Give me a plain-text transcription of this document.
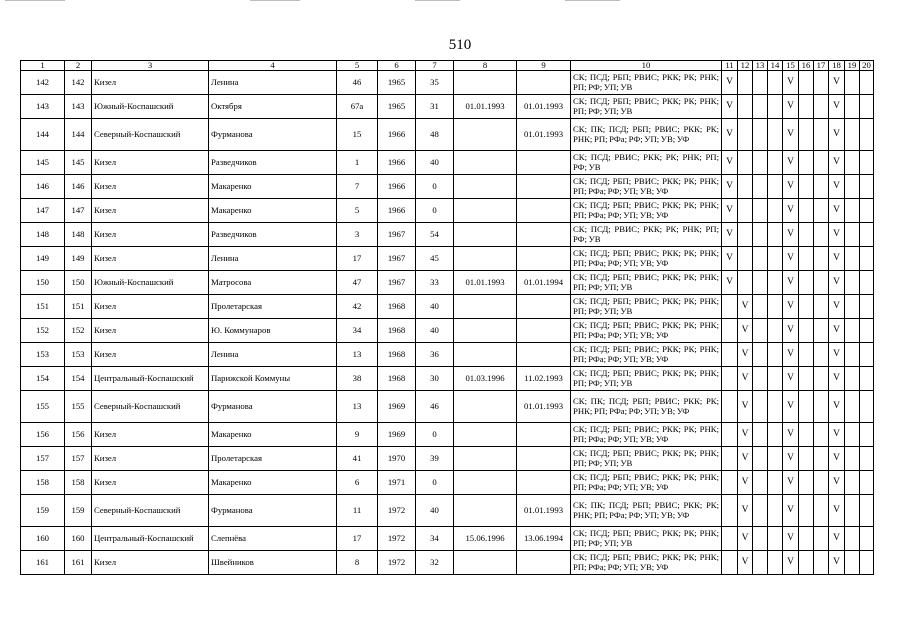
510
1	2	3	4	5	6	7	8	9	10	11	12	13	14	15	16	17	18	19	20
142	142	Кизел	Ленина	46	1965	35			СК; ПСД; РБП; РВИС; РКК; РК; РНК; РП; РФ; УП; УВ	V				V			V		
143	143	Южный-Коспашский	Октября	67а	1965	31	01.01.1993	01.01.1993	СК; ПСД; РБП; РВИС; РКК; РК; РНК; РП; РФ; УП; УВ	V				V			V		
144	144	Северный-Коспашский	Фурманова	15	1966	48		01.01.1993	СК; ПК; ПСД; РБП; РВИС; РКК; РК; РНК; РП; РФа; РФ; УП; УВ; УФ	V				V			V		
145	145	Кизел	Разведчиков	1	1966	40			СК; ПСД; РВИС; РКК; РК; РНК; РП; РФ; УВ	V				V			V		
146	146	Кизел	Макаренко	7	1966	0			СК; ПСД; РБП; РВИС; РКК; РК; РНК; РП; РФа; РФ; УП; УВ; УФ	V				V			V		
147	147	Кизел	Макаренко	5	1966	0			СК; ПСД; РБП; РВИС; РКК; РК; РНК; РП; РФа; РФ; УП; УВ; УФ	V				V			V		
148	148	Кизел	Разведчиков	3	1967	54			СК; ПСД; РВИС; РКК; РК; РНК; РП; РФ; УВ	V				V			V		
149	149	Кизел	Ленина	17	1967	45			СК; ПСД; РБП; РВИС; РКК; РК; РНК; РП; РФа; РФ; УП; УВ; УФ	V				V			V		
150	150	Южный-Коспашский	Матросова	47	1967	33	01.01.1993	01.01.1994	СК; ПСД; РБП; РВИС; РКК; РК; РНК; РП; РФ; УП; УВ	V				V			V		
151	151	Кизел	Пролетарская	42	1968	40			СК; ПСД; РБП; РВИС; РКК; РК; РНК; РП; РФ; УП; УВ		V			V			V		
152	152	Кизел	Ю. Коммунаров	34	1968	40			СК; ПСД; РБП; РВИС; РКК; РК; РНК; РП; РФа; РФ; УП; УВ; УФ		V			V			V		
153	153	Кизел	Ленина	13	1968	36			СК; ПСД; РБП; РВИС; РКК; РК; РНК; РП; РФа; РФ; УП; УВ; УФ		V			V			V		
154	154	Центральный-Коспашский	Парижской Коммуны	38	1968	30	01.03.1996	11.02.1993	СК; ПСД; РБП; РВИС; РКК; РК; РНК; РП; РФ; УП; УВ		V			V			V		
155	155	Северный-Коспашский	Фурманова	13	1969	46		01.01.1993	СК; ПК; ПСД; РБП; РВИС; РКК; РК; РНК; РП; РФа; РФ; УП; УВ; УФ		V			V			V		
156	156	Кизел	Макаренко	9	1969	0			СК; ПСД; РБП; РВИС; РКК; РК; РНК; РП; РФа; РФ; УП; УВ; УФ		V			V			V		
157	157	Кизел	Пролетарская	41	1970	39			СК; ПСД; РБП; РВИС; РКК; РК; РНК; РП; РФ; УП; УВ		V			V			V		
158	158	Кизел	Макаренко	6	1971	0			СК; ПСД; РБП; РВИС; РКК; РК; РНК; РП; РФа; РФ; УП; УВ; УФ		V			V			V		
159	159	Северный-Коспашский	Фурманова	11	1972	40		01.01.1993	СК; ПК; ПСД; РБП; РВИС; РКК; РК; РНК; РП; РФа; РФ; УП; УВ; УФ		V			V			V		
160	160	Центральный-Коспашский	Слепнёва	17	1972	34	15.06.1996	13.06.1994	СК; ПСД; РБП; РВИС; РКК; РК; РНК; РП; РФ; УП; УВ		V			V			V		
161	161	Кизел	Швейников	8	1972	32			СК; ПСД; РБП; РВИС; РКК; РК; РНК; РП; РФа; РФ; УП; УВ; УФ		V			V			V		
